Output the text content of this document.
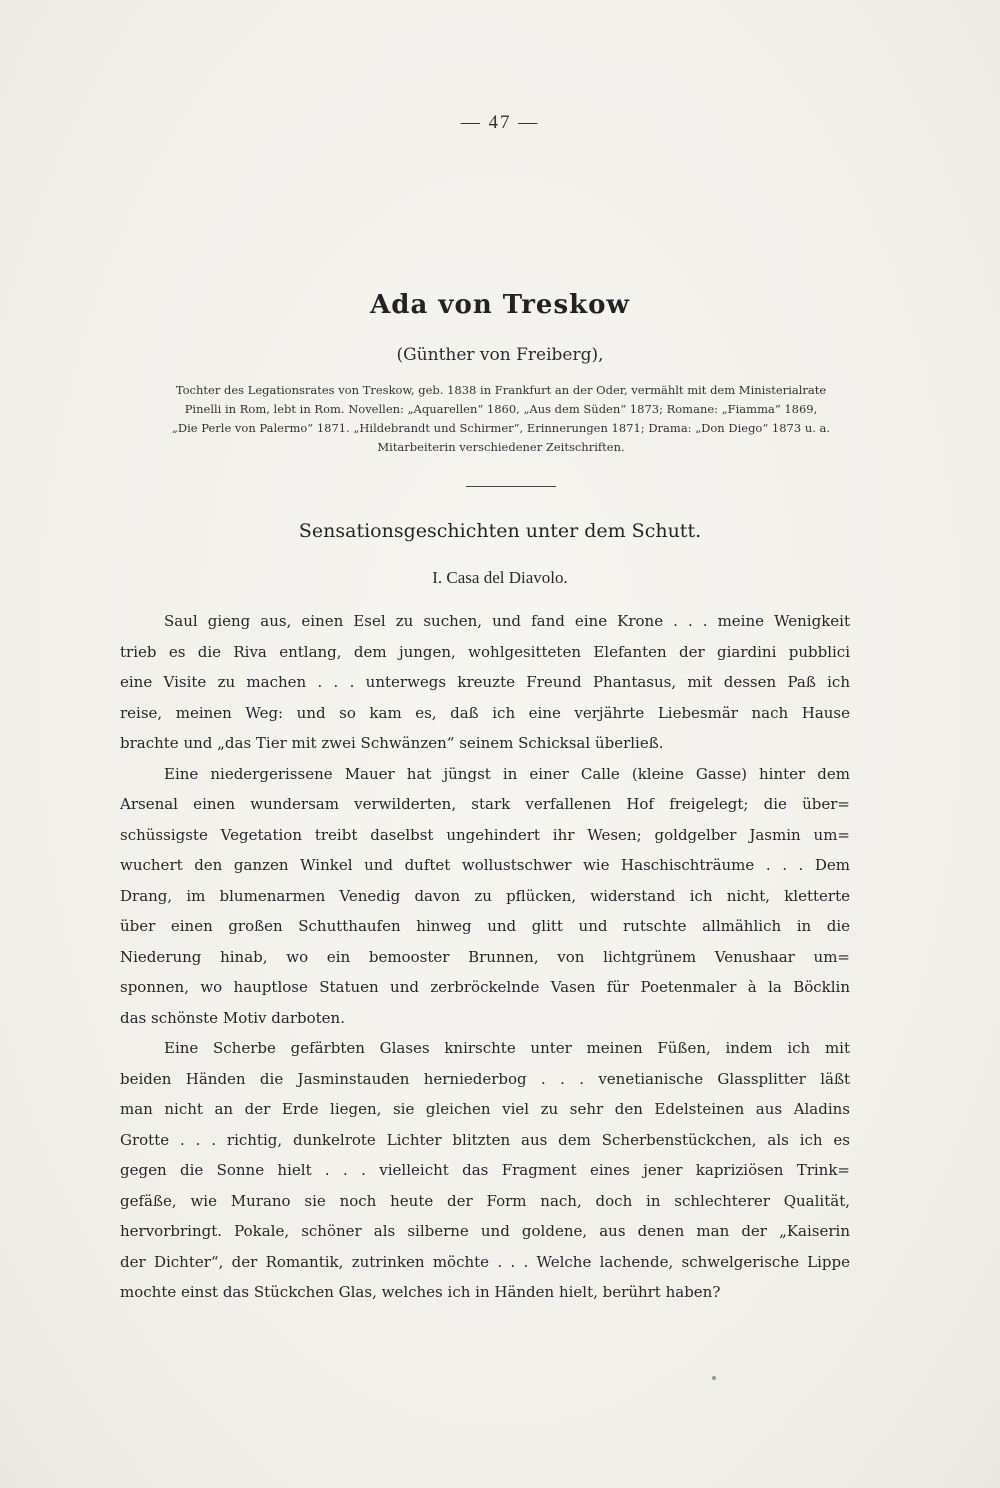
— 47 —
Ada von Treskow
(Günther von Freiberg),
Tochter des Legationsrates von Treskow, geb. 1838 in Frankfurt an der Oder, vermählt mit dem Ministerialrate
Pinelli in Rom, lebt in Rom. Novellen: „Aquarellen“ 1860, „Aus dem Süden“ 1873; Romane: „Fiamma“ 1869,
„Die Perle von Palermo“ 1871. „Hildebrandt und Schirmer“, Erinnerungen 1871; Drama: „Don Diego“ 1873 u. a.
Mitarbeiterin verschiedener Zeitschriften.
Sensationsgeschichten unter dem Schutt.
I. Casa del Diavolo.
Saul gieng aus, einen Esel zu suchen, und fand eine Krone . . . meine Wenigkeit
trieb es die Riva entlang, dem jungen, wohlgesitteten Elefanten der giardini pubblici
eine Visite zu machen . . . unterwegs kreuzte Freund Phantasus, mit dessen Paß ich
reise, meinen Weg: und so kam es, daß ich eine verjährte Liebesmär nach Hause
brachte und „das Tier mit zwei Schwänzen“ seinem Schicksal überließ.
Eine niedergerissene Mauer hat jüngst in einer Calle (kleine Gasse) hinter dem
Arsenal einen wundersam verwilderten, stark verfallenen Hof freigelegt; die über=
schüssigste Vegetation treibt daselbst ungehindert ihr Wesen; goldgelber Jasmin um=
wuchert den ganzen Winkel und duftet wollustschwer wie Haschischträume . . . Dem
Drang, im blumenarmen Venedig davon zu pflücken, widerstand ich nicht, kletterte
über einen großen Schutthaufen hinweg und glitt und rutschte allmählich in die
Niederung hinab, wo ein bemooster Brunnen, von lichtgrünem Venushaar um=
sponnen, wo hauptlose Statuen und zerbröckelnde Vasen für Poetenmaler à la Böcklin
das schönste Motiv darboten.
Eine Scherbe gefärbten Glases knirschte unter meinen Füßen, indem ich mit
beiden Händen die Jasminstauden herniederbog . . . venetianische Glassplitter läßt
man nicht an der Erde liegen, sie gleichen viel zu sehr den Edelsteinen aus Aladins
Grotte . . . richtig, dunkelrote Lichter blitzten aus dem Scherbenstückchen, als ich es
gegen die Sonne hielt . . . vielleicht das Fragment eines jener kapriziösen Trink=
gefäße, wie Murano sie noch heute der Form nach, doch in schlechterer Qualität,
hervorbringt. Pokale, schöner als silberne und goldene, aus denen man der „Kaiserin
der Dichter“, der Romantik, zutrinken möchte . . . Welche lachende, schwelgerische Lippe
mochte einst das Stückchen Glas, welches ich in Händen hielt, berührt haben?
